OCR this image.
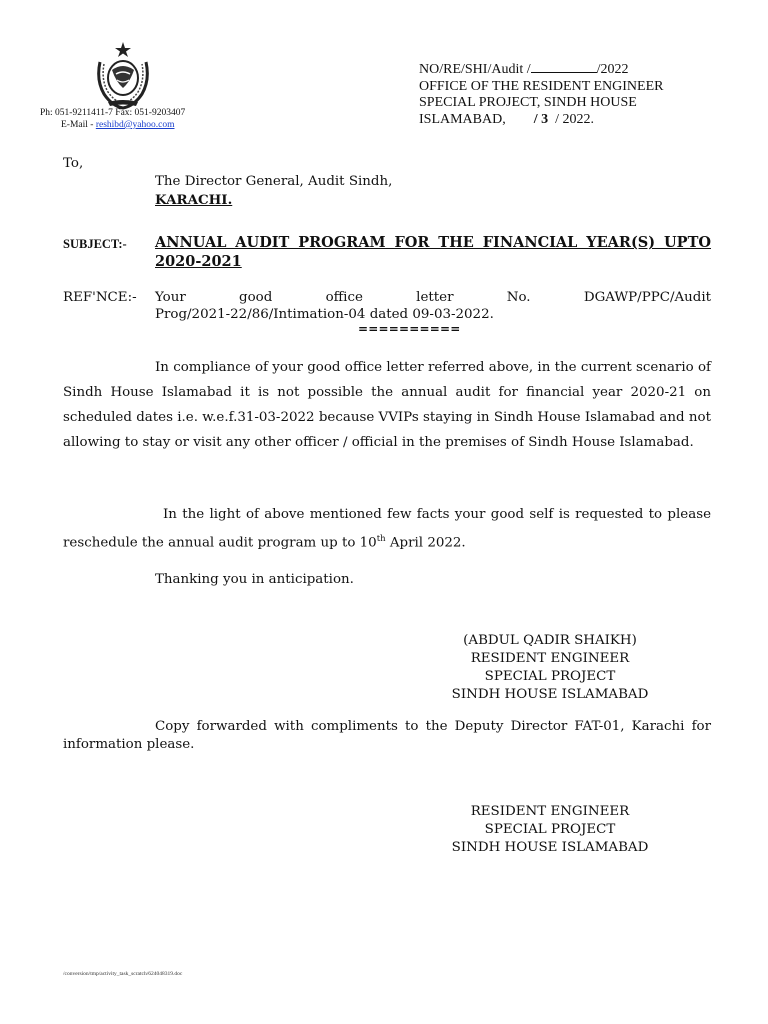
Ph: 051-9211411-7 Fax: 051-9203407
E-Mail - reshibd@yahoo.com
NO/RE/SHI/Audit /	/2022
OFFICE OF THE RESIDENT ENGINEER
SPECIAL PROJECT, SINDH HOUSE
ISLAMABAD, / 3 / 2022.
To,
The Director General, Audit Sindh,
KARACHI.
SUBJECT:- ANNUAL AUDIT PROGRAM FOR THE FINANCIAL YEAR(S) UPTO 2020-2021
REF'NCE:- Your good office letter No. DGAWP/PPC/Audit
Prog/2021-22/86/Intimation-04 dated 09-03-2022.
==========
In compliance of your good office letter referred above, in the current scenario of Sindh House Islamabad it is not possible the annual audit for financial year 2020-21 on scheduled dates i.e. w.e.f.31-03-2022 because VVIPs staying in Sindh House Islamabad and not allowing to stay or visit any other officer / official in the premises of Sindh House Islamabad.
In the light of above mentioned few facts your good self is requested to please reschedule the annual audit program up to 10th April 2022.
Thanking you in anticipation.
(ABDUL QADIR SHAIKH)
RESIDENT ENGINEER
SPECIAL PROJECT
SINDH HOUSE ISLAMABAD
Copy forwarded with compliments to the Deputy Director FAT-01, Karachi for information please.
RESIDENT ENGINEER
SPECIAL PROJECT
SINDH HOUSE ISLAMABAD
/conversion/tmp/activity_task_scratch/624048319.doc
